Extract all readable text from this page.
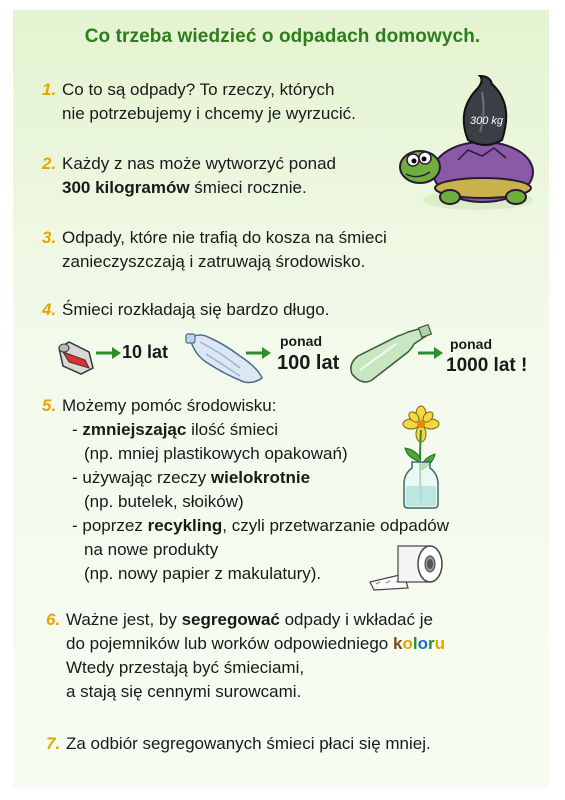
Co trzeba wiedzieć o odpadach domowych.
1. Co to są odpady? To rzeczy, których
nie potrzebujemy i chcemy je wyrzucić.	300 kg
2. Każdy z nas może wytworzyć ponad
300 kilogramów śmieci rocznie.
3. Odpady, które nie trafią do kosza na śmieci
zanieczyszczają i zatruwają środowisko.
4. Śmieci rozkładają się bardzo długo.
10 lat
ponad
100 lat
ponad
1000 lat !
5. Możemy pomóc środowisku:
- zmniejszając ilość śmieci
(np. mniej plastikowych opakowań)
- używając rzeczy wielokrotnie
(np. butelek, słoików)
- poprzez recykling, czyli przetwarzanie odpadów
na nowe produkty
(np. nowy papier z makulatury).
6. Ważne jest, by segregować odpady i wkładać je
do pojemników lub worków odpowiedniego koloru
Wtedy przestają być śmieciami,
a stają się cennymi surowcami.
7. Za odbiór segregowanych śmieci płaci się mniej.
